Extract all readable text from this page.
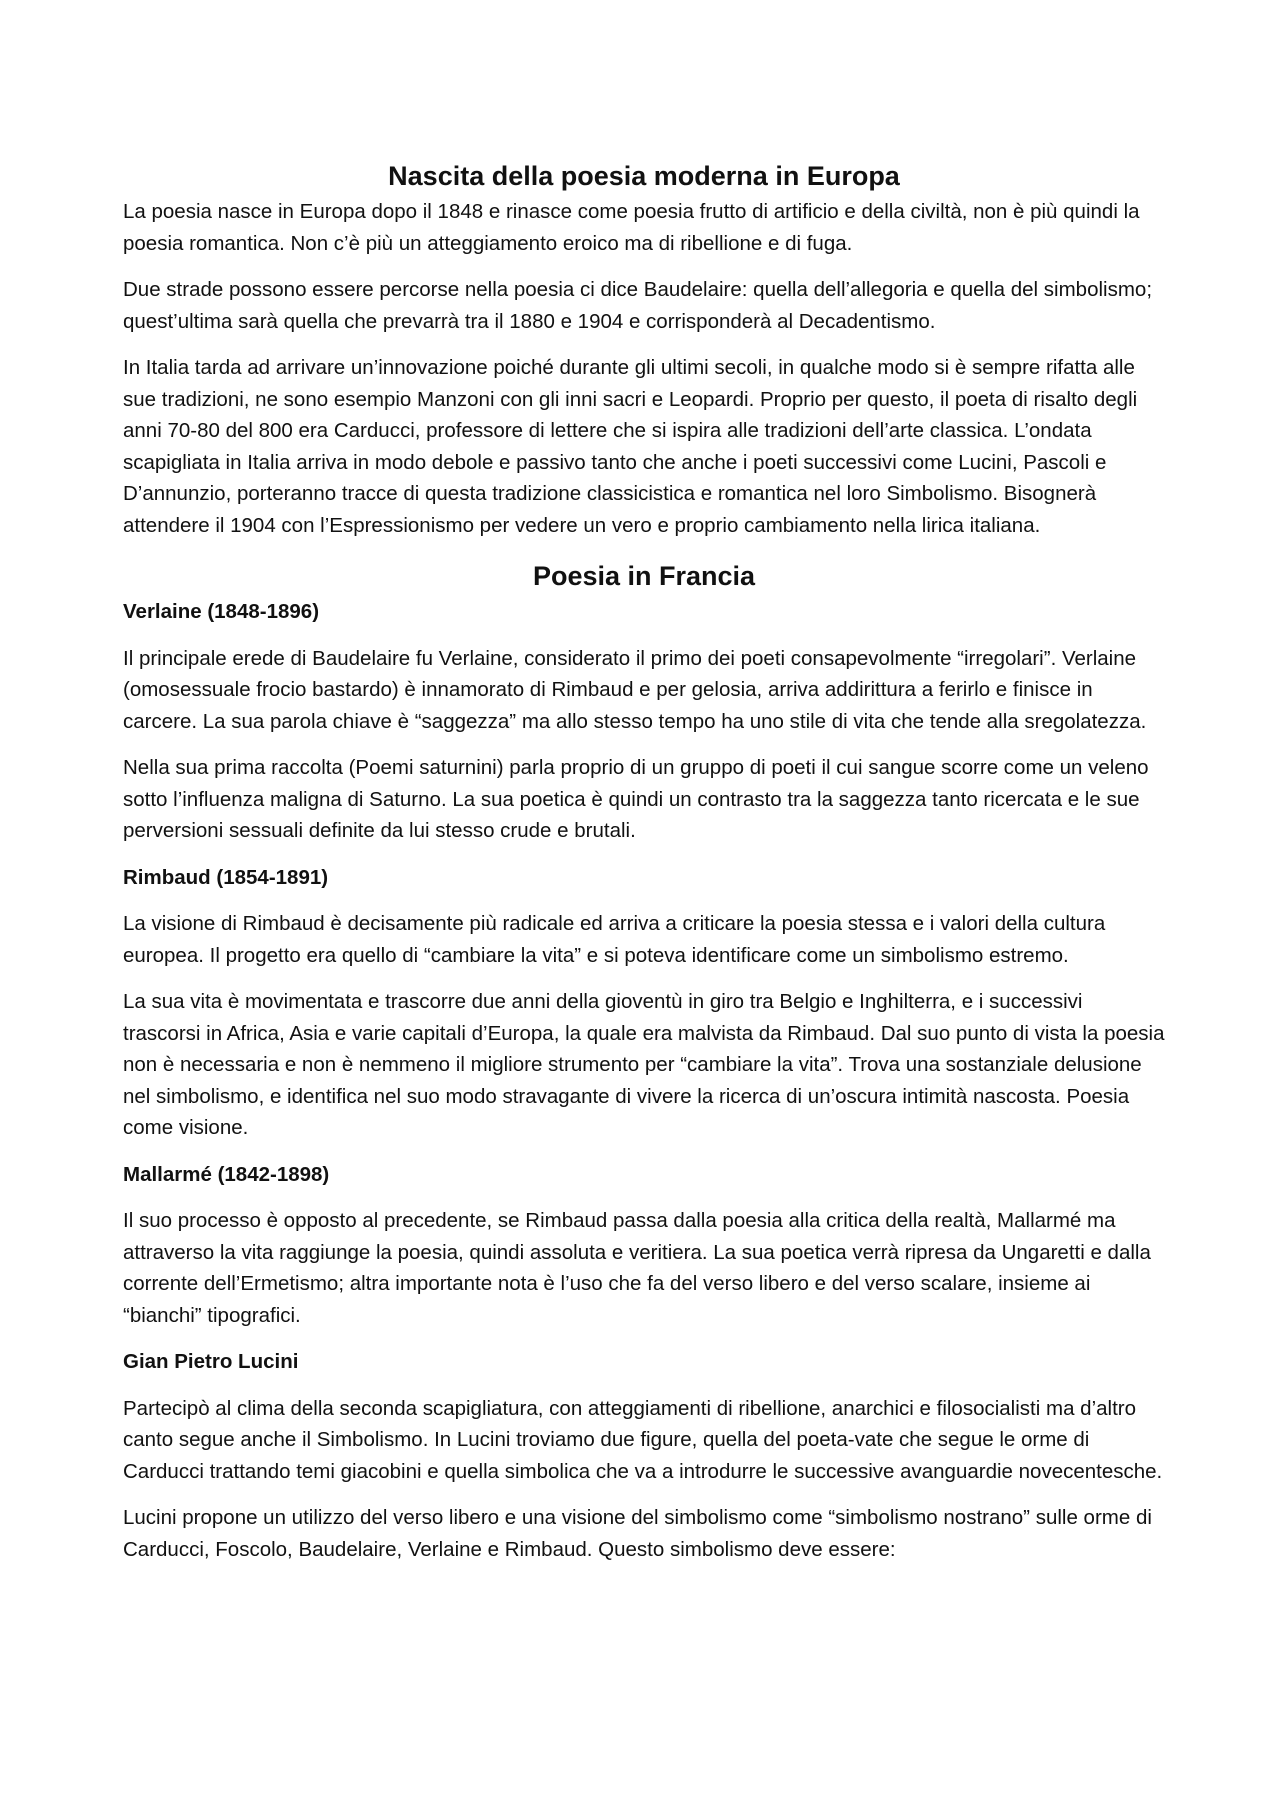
Nascita della poesia moderna in Europa

La poesia nasce in Europa dopo il 1848 e rinasce come poesia frutto di artificio e della civiltà, non è più quindi la poesia romantica. Non c’è più un atteggiamento eroico ma di ribellione e di fuga.

Due strade possono essere percorse nella poesia ci dice Baudelaire: quella dell’allegoria e quella del simbolismo; quest’ultima sarà quella che prevarrà tra il 1880 e 1904 e corrisponderà al Decadentismo.

In Italia tarda ad arrivare un’innovazione poiché durante gli ultimi secoli, in qualche modo si è sempre rifatta alle sue tradizioni, ne sono esempio Manzoni con gli inni sacri e Leopardi. Proprio per questo, il poeta di risalto degli anni 70-80 del 800 era Carducci, professore di lettere che si ispira alle tradizioni dell’arte classica. L’ondata scapigliata in Italia arriva in modo debole e passivo tanto che anche i poeti successivi come Lucini, Pascoli e D’annunzio, porteranno tracce di questa tradizione classicistica e romantica nel loro Simbolismo. Bisognerà attendere il 1904 con l’Espressionismo per vedere un vero e proprio cambiamento nella lirica italiana.

Poesia in Francia
Verlaine (1848-1896)

Il principale erede di Baudelaire fu Verlaine, considerato il primo dei poeti consapevolmente “irregolari”. Verlaine (omosessuale frocio bastardo) è innamorato di Rimbaud e per gelosia, arriva addirittura a ferirlo e finisce in carcere. La sua parola chiave è “saggezza” ma allo stesso tempo ha uno stile di vita che tende alla sregolatezza.

Nella sua prima raccolta (Poemi saturnini) parla proprio di un gruppo di poeti il cui sangue scorre come un veleno sotto l’influenza maligna di Saturno. La sua poetica è quindi un contrasto tra la saggezza tanto ricercata e le sue perversioni sessuali definite da lui stesso crude e brutali.

Rimbaud (1854-1891)

La visione di Rimbaud è decisamente più radicale ed arriva a criticare la poesia stessa e i valori della cultura europea. Il progetto era quello di “cambiare la vita” e si poteva identificare come un simbolismo estremo.

La sua vita è movimentata e trascorre due anni della gioventù in giro tra Belgio e Inghilterra, e i successivi trascorsi in Africa, Asia e varie capitali d’Europa, la quale era malvista da Rimbaud. Dal suo punto di vista la poesia non è necessaria e non è nemmeno il migliore strumento per “cambiare la vita”. Trova una sostanziale delusione nel simbolismo, e identifica nel suo modo stravagante di vivere la ricerca di un’oscura intimità nascosta. Poesia come visione.

Mallarmé (1842-1898)

Il suo processo è opposto al precedente, se Rimbaud passa dalla poesia alla critica della realtà, Mallarmé ma attraverso la vita raggiunge la poesia, quindi assoluta e veritiera. La sua poetica verrà ripresa da Ungaretti e dalla corrente dell’Ermetismo; altra importante nota è l’uso che fa del verso libero e del verso scalare, insieme ai “bianchi” tipografici.

Gian Pietro Lucini

Partecipò al clima della seconda scapigliatura, con atteggiamenti di ribellione, anarchici e filosocialisti ma d’altro canto segue anche il Simbolismo. In Lucini troviamo due figure, quella del poeta-vate che segue le orme di Carducci trattando temi giacobini e quella simbolica che va a introdurre le successive avanguardie novecentesche.

Lucini propone un utilizzo del verso libero e una visione del simbolismo come “simbolismo nostrano” sulle orme di Carducci, Foscolo, Baudelaire, Verlaine e Rimbaud. Questo simbolismo deve essere:
